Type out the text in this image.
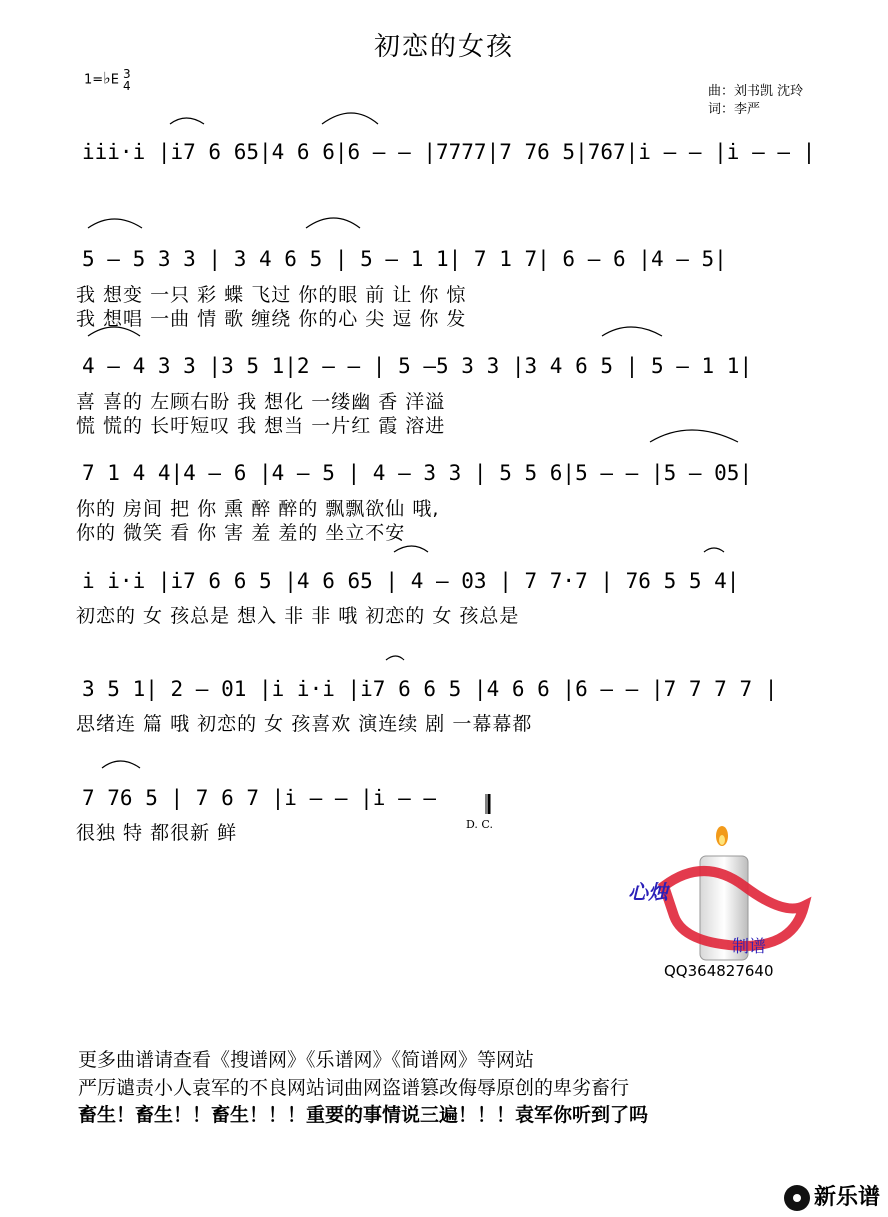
初恋的女孩
1=♭E 3
4	曲：刘书凯 沈玲
词：李严
i̇i̇i̇·i̇ |i̇7 6 65|4 6 6|6 – – |7777|7 76 5|767|i̇ – – |i̇ – – |
5 – 5 3 3 | 3 4 6 5 | 5 – 1 1| 7 1 7| 6 – 6 |4 – 5|
我 想变 一只 彩 蝶 飞过 你的眼 前 让 你 惊
我 想唱 一曲 情 歌 缠绕 你的心 尖 逗 你 发
4 – 4 3 3 |3 5 1|2 – – | 5 –5 3 3 |3 4 6 5 | 5 – 1 1|
喜 喜的 左顾右盼 我 想化 一缕幽 香 洋溢
慌 慌的 长吁短叹 我 想当 一片红 霞 溶进
7 1 4 4|4 – 6 |4 – 5 | 4 – 3 3 | 5 5 6|5 – – |5 – 05|
你的 房间 把 你 熏 醉 醉的 飘飘欲仙 哦,
你的 微笑 看 你 害 羞 羞的 坐立不安
i̇ i̇·i̇ |i̇7 6 6 5 |4 6 65 | 4 – 03 | 7 7·7 | 76 5 5 4|
初恋的 女 孩总是 想入 非 非 哦 初恋的 女 孩总是
3 5 1| 2 – 01 |i̇ i̇·i̇ |i̇7 6 6 5 |4 6 6 |6 – – |7 7 7 7 |
思绪连 篇 哦 初恋的 女 孩喜欢 演连续 剧 一幕幕都
7 76 5 | 7 6 7 |i̇ – – |i̇ – –
很独 特 都很新 鲜	D. C.
心烛
制谱
QQ364827640
更多曲谱请查看《搜谱网》《乐谱网》《简谱网》等网站
严厉谴责小人袁军的不良网站词曲网盗谱篡改侮辱原创的卑劣畜行
畜生！畜生！！畜生！！！重要的事情说三遍！！！袁军你听到了吗
新乐谱
